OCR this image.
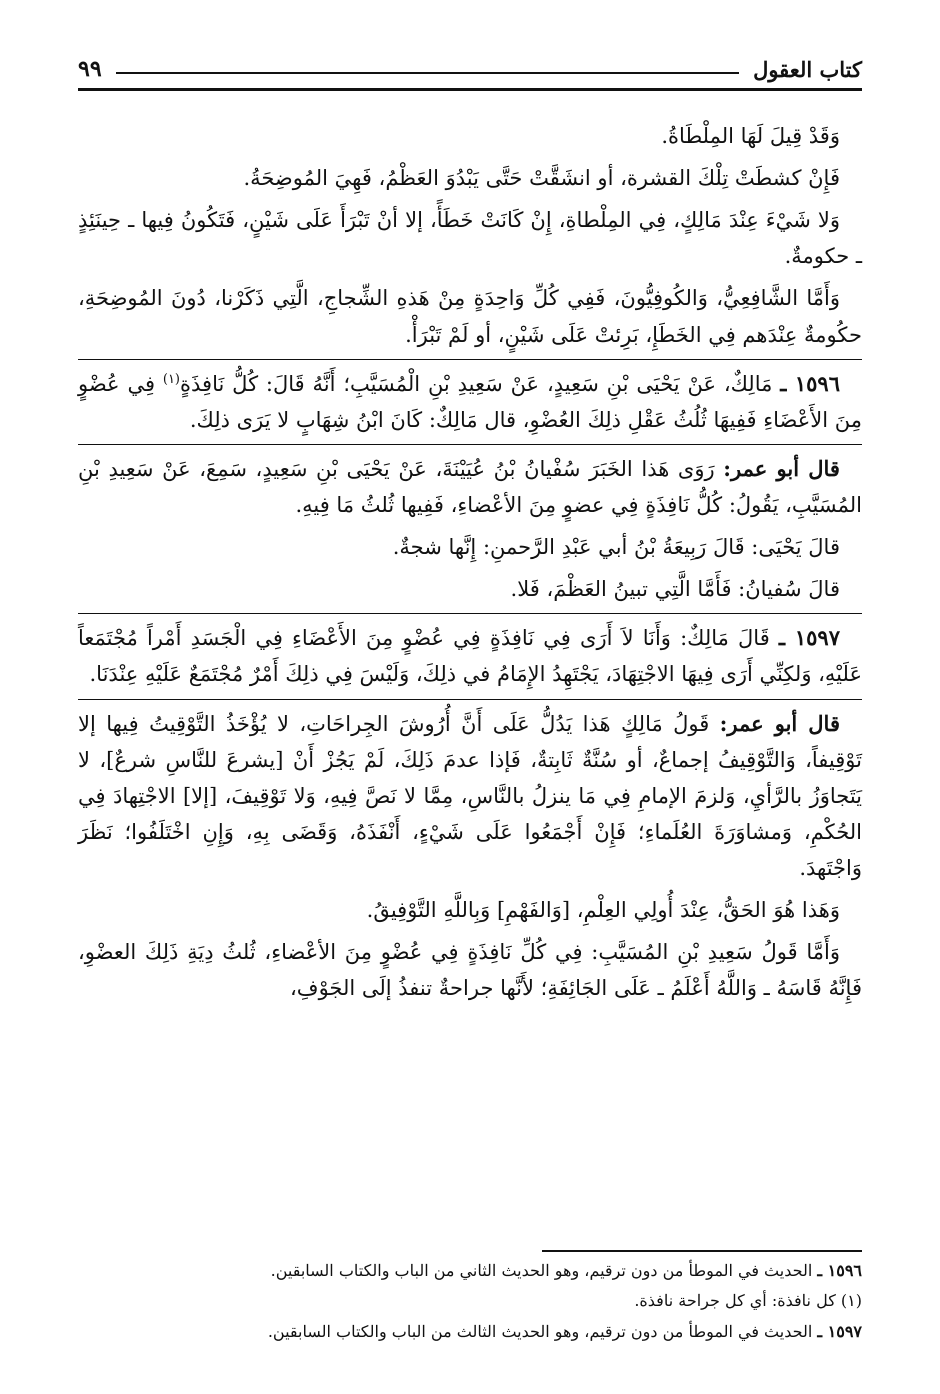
كتاب العقول
٩٩

وَقَدْ قِيلَ لَهَا المِلْطَاةُ.

فَإِنْ كشطَتْ تِلْكَ القشرة، أو انشَقَّتْ حَتَّى يَبْدُوَ العَظْمُ، فَهِيَ المُوضِحَةُ.

وَلا شَيْءَ عِنْدَ مَالِكٍ، فِي المِلْطاةِ، إِنْ كَانَتْ خَطَأً، إلا أنْ تَبْرَأَ عَلَى شَيْنٍ، فَتَكُونُ فِيها ـ حِينَئِذٍ ـ حكومةٌ.

وَأَمَّا الشَّافِعِيُّ، وَالكُوفِيُّونَ، فَفِي كُلِّ وَاحِدَةٍ مِنْ هَذهِ الشِّجاجِ، الَّتِي ذَكَرْنا، دُونَ المُوضِحَةِ، حكُومةٌ عِنْدَهم فِي الخَطَإِ، بَرِئتْ عَلَى شَيْنٍ، أو لَمْ تَبْرَأْ.

١٥٩٦ ـ مَالِكٌ، عَنْ يَحْيَى بْنِ سَعِيدٍ، عَنْ سَعِيدِ بْنِ الْمُسَيَّبِ؛ أَنَّهُ قَالَ: كُلُّ نَافِذَةٍ$^{(١)}$ فِي عُضْوٍ مِنَ الأَعْضَاءِ فَفِيهَا ثُلُثُ عَقْلِ ذلِكَ العُضْوِ، قال مَالِكٌ: كَانَ ابْنُ شِهَابٍ لا يَرَى ذلِكَ.

قال أبو عمر: رَوَى هَذا الخَبَرَ سُفْيانُ بْنُ عُيَيْنَةَ، عَنْ يَحْيَى بْنِ سَعِيدٍ، سَمِعَ، عَنْ سَعِيدِ بْنِ المُسَيَّبِ، يَقُولُ: كُلُّ نَافِذَةٍ فِي عضوٍ مِنَ الأعْضاءِ، فَفِيها ثُلثُ مَا فِيهِ.

قالَ يَحْيَى: قَالَ رَبِيعَةُ بْنُ أبي عَبْدِ الرَّحمنِ: إِنَّها شجةٌ.

قالَ سُفيانُ: فَأَمَّا الَّتِي تبينُ العَظْمَ، فَلا.

١٥٩٧ ـ قَالَ مَالِكٌ: وَأَنَا لاَ أَرَى فِي نَافِذَةٍ فِي عُضْوٍ مِنَ الأَعْضَاءِ فِي الْجَسَدِ أَمْراً مُجْتَمَعاً عَلَيْهِ، وَلكِنِّي أَرَى فِيهَا الاجْتِهَادَ، يَجْتَهِدُ الإِمَامُ في ذلِكَ، وَلَيْسَ فِي ذلِكَ أَمْرٌ مُجْتَمَعٌ عَلَيْهِ عِنْدَنَا.

قال أبو عمر: قَولُ مَالِكٍ هَذا يَدُلُّ عَلَى أَنَّ أُرُوشَ الجِراحَاتِ، لا يُؤْخَذُ التَّوْقِيتُ فِيها إلا تَوْقِيفاً، وَالتَّوْقِيفُ إجماعٌ، أو سُنَّةٌ ثَابِتةٌ، فَإذا عدمَ ذَلِكَ، لَمْ يَجُزْ أَنْ [يشرعَ للنَّاسِ شرعٌ]، لا يَتَجاوَزُ بالرَّأيِ، وَلزمَ الإمامِ فِي مَا ينزلُ بالنَّاسِ، مِمَّا لا نَصَّ فِيهِ، وَلا تَوْقِيفَ، [إلا] الاجْتِهادَ فِي الحُكْمِ، وَمشاوَرَةَ العُلَماءِ؛ فَإِنْ أَجْمَعُوا عَلَى شَيْءٍ، أَنْفَذَهُ، وَقَضَى بِهِ، وَإِنِ اخْتَلَفُوا؛ نَظَرَ وَاجْتَهدَ.

وَهَذا هُوَ الحَقُّ، عِنْدَ أُولِي العِلْمِ، [وَالفَهْمِ] وَبِاللَّهِ التَّوْفِيقُ.

وَأَمَّا قَولُ سَعِيدِ بْنِ المُسَيَّبِ: فِي كُلِّ نَافِذَةٍ فِي عُضْوٍ مِنَ الأعْضاءِ، ثُلثُ دِيَةِ ذَلِكَ العضْوِ، فَإِنَّهُ قَاسَهُ ـ وَاللَّهُ أَعْلَمُ ـ عَلَى الجَائِفَةِ؛ لأَنَّها جراحةٌ تنفذُ إلَى الجَوْفِ،

١٥٩٦ ـ الحديث في الموطأ من دون ترقيم، وهو الحديث الثاني من الباب والكتاب السابقين.

(١) كل نافذة: أي كل جراحة نافذة.

١٥٩٧ ـ الحديث في الموطأ من دون ترقيم، وهو الحديث الثالث من الباب والكتاب السابقين.
